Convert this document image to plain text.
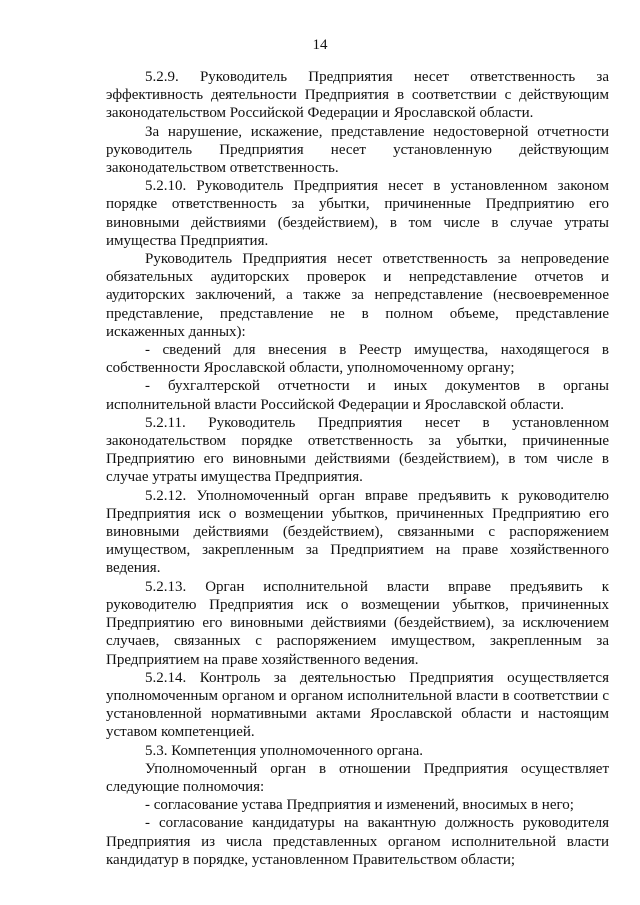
14

5.2.9. Руководитель Предприятия несет ответственность за эффективность деятельности Предприятия в соответствии с действующим законодательством Российской Федерации и Ярославской области.

За нарушение, искажение, представление недостоверной отчетности руководитель Предприятия несет установленную действующим законодательством ответственность.

5.2.10. Руководитель Предприятия несет в установленном законом порядке ответственность за убытки, причиненные Предприятию его виновными действиями (бездействием), в том числе в случае утраты имущества Предприятия.

Руководитель Предприятия несет ответственность за непроведение обязательных аудиторских проверок и непредставление отчетов и аудиторских заключений, а также за непредставление (несвоевременное представление, представление не в полном объеме, представление искаженных данных):

- сведений для внесения в Реестр имущества, находящегося в собственности Ярославской области, уполномоченному органу;

- бухгалтерской отчетности и иных документов в органы исполнительной власти Российской Федерации и Ярославской области.

5.2.11. Руководитель Предприятия несет в установленном законодательством порядке ответственность за убытки, причиненные Предприятию его виновными действиями (бездействием), в том числе в случае утраты имущества Предприятия.

5.2.12. Уполномоченный орган вправе предъявить к руководителю Предприятия иск о возмещении убытков, причиненных Предприятию его виновными действиями (бездействием), связанными с распоряжением имуществом, закрепленным за Предприятием на праве хозяйственного ведения.

5.2.13. Орган исполнительной власти вправе предъявить к руководителю Предприятия иск о возмещении убытков, причиненных Предприятию его виновными действиями (бездействием), за исключением случаев, связанных с распоряжением имуществом, закрепленным за Предприятием на праве хозяйственного ведения.

5.2.14. Контроль за деятельностью Предприятия осуществляется уполномоченным органом и органом исполнительной власти в соответствии с установленной нормативными актами Ярославской области и настоящим уставом компетенцией.

5.3. Компетенция уполномоченного органа.

Уполномоченный орган в отношении Предприятия осуществляет следующие полномочия:

- согласование устава Предприятия и изменений, вносимых в него;

- согласование кандидатуры на вакантную должность руководителя Предприятия из числа представленных органом исполнительной власти кандидатур в порядке, установленном Правительством области;
